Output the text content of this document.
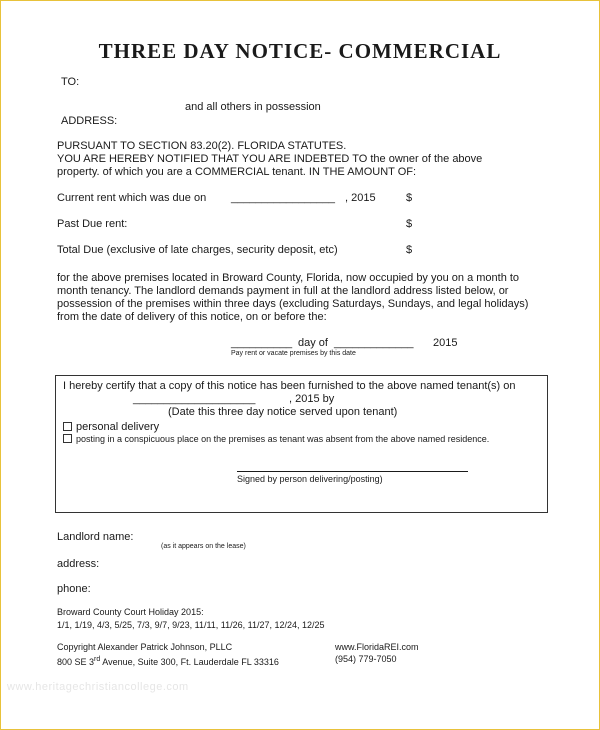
THREE DAY NOTICE- COMMERCIAL
TO:
and all others in possession
ADDRESS:
PURSUANT TO SECTION 83.20(2). FLORIDA STATUTES.
YOU ARE HEREBY NOTIFIED THAT YOU ARE INDEBTED TO the owner of the above
property. of which you are a COMMERCIAL tenant. IN THE AMOUNT OF:
Current rent which was due on _________________ , 2015	$
Past Due rent:	$
Total Due (exclusive of late charges, security deposit, etc)	$
for the above premises located in Broward County, Florida, now occupied by you on a month to
month tenancy. The landlord demands payment in full at the landlord address listed below, or
possession of the premises within three days (excluding Saturdays, Sundays, and legal holidays)
from the date of delivery of this notice, on or before the:
__________ day of _____________ 2015
Pay rent or vacate premises by this date
I hereby certify that a copy of this notice has been furnished to the above named tenant(s) on
____________________	, 2015 by
(Date this three day notice served upon tenant)
personal delivery
posting in a conspicuous place on the premises as tenant was absent from the above named residence.
Signed by person delivering/posting)
Landlord name:
(as it appears on the lease)
address:
phone:
Broward County Court Holiday 2015:
1/1, 1/19, 4/3, 5/25, 7/3, 9/7, 9/23, 11/11, 11/26, 11/27, 12/24, 12/25
Copyright Alexander Patrick Johnson, PLLC
800 SE 3rd Avenue, Suite 300, Ft. Lauderdale FL 33316
www.FloridaREI.com
(954) 779-7050
www.heritagechristiancollege.com
